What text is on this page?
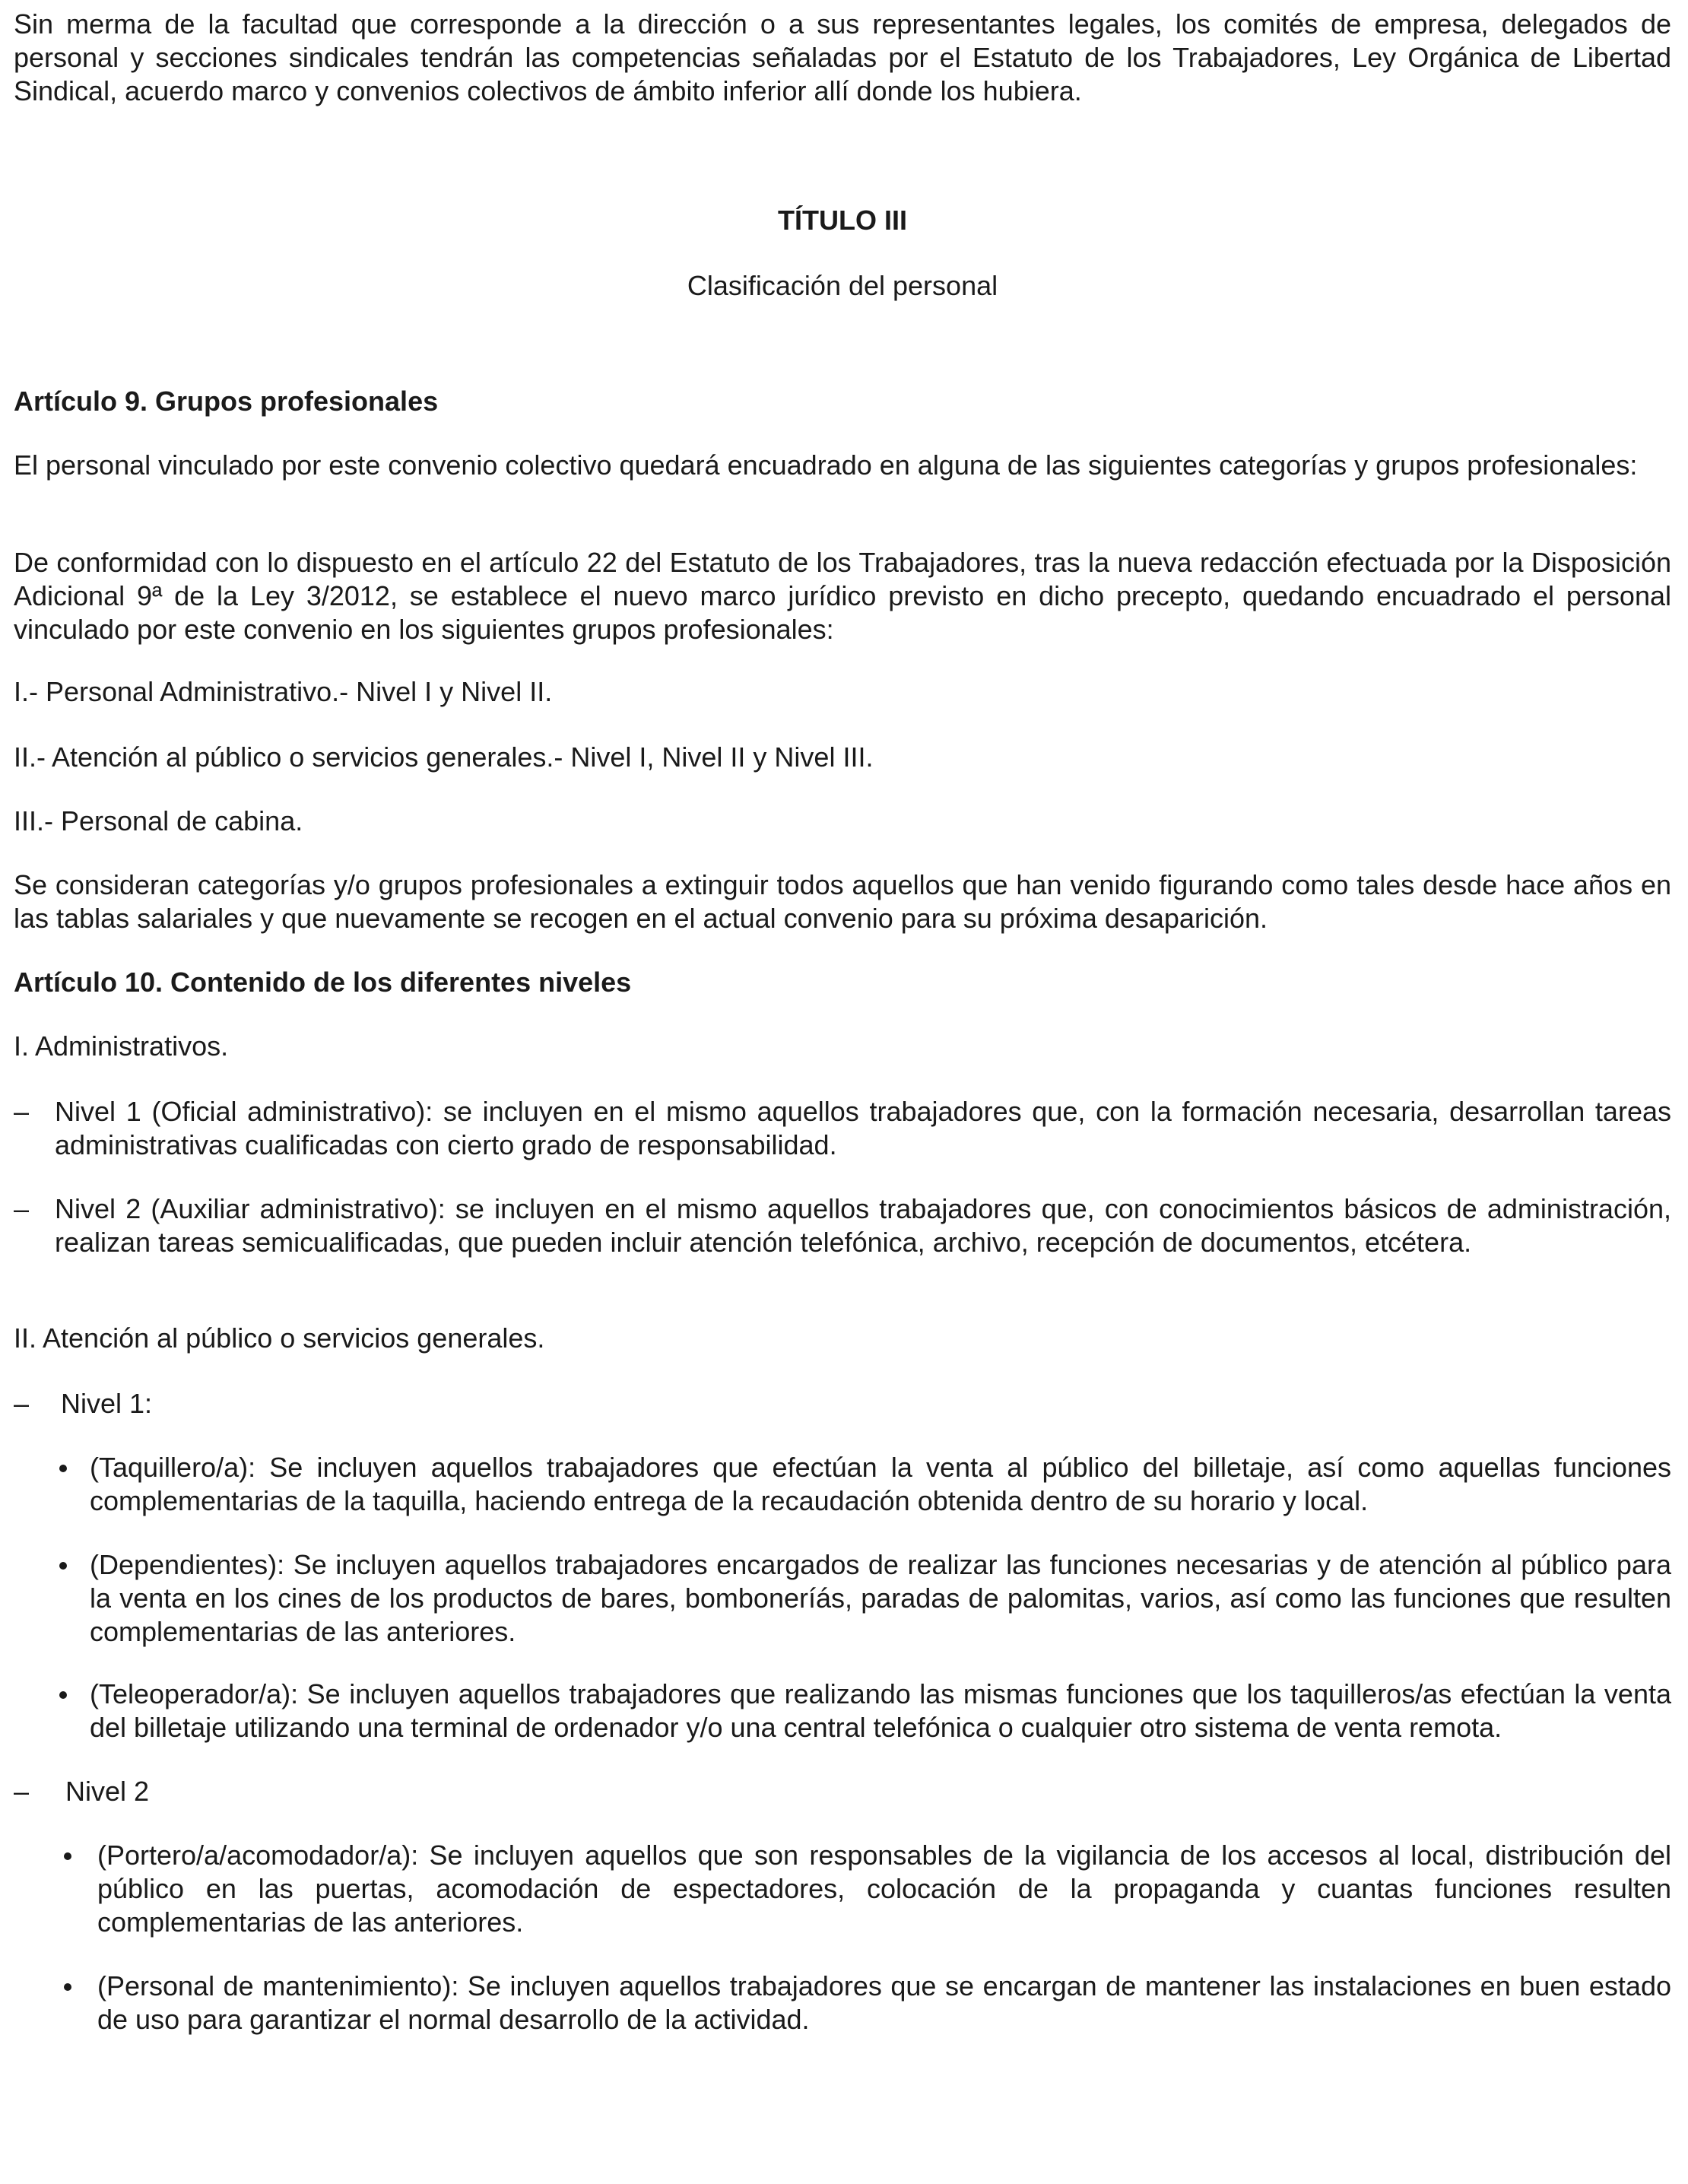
Sin merma de la facultad que corresponde a la dirección o a sus representantes legales, los comités de empresa, delegados de personal y secciones sindicales tendrán las competencias señaladas por el Estatuto de los Trabajadores, Ley Orgánica de Libertad Sindical, acuerdo marco y convenios colectivos de ámbito inferior allí donde los hubiera.

TÍTULO III
Clasificación del personal
Artículo 9. Grupos profesionales

El personal vinculado por este convenio colectivo quedará encuadrado en alguna de las siguientes categorías y grupos profesionales:

De conformidad con lo dispuesto en el artículo 22 del Estatuto de los Trabajadores, tras la nueva redacción efectuada por la Disposición Adicional 9ª de la Ley 3/2012, se establece el nuevo marco jurídico previsto en dicho precepto, quedando encuadrado el personal vinculado por este convenio en los siguientes grupos profesionales:

I.- Personal Administrativo.- Nivel I y Nivel II.

II.- Atención al público o servicios generales.- Nivel I, Nivel II y Nivel III.

III.- Personal de cabina.

Se consideran categorías y/o grupos profesionales a extinguir todos aquellos que han venido figurando como tales desde hace años en las tablas salariales y que nuevamente se recogen en el actual convenio para su próxima desaparición.

Artículo 10. Contenido de los diferentes niveles

I. Administrativos.

– Nivel 1 (Oficial administrativo): se incluyen en el mismo aquellos trabajadores que, con la formación necesaria, desarrollan tareas administrativas cualificadas con cierto grado de responsabilidad.

– Nivel 2 (Auxiliar administrativo): se incluyen en el mismo aquellos trabajadores que, con conocimientos básicos de administración, realizan tareas semicualificadas, que pueden incluir atención telefónica, archivo, recepción de documentos, etcétera.

II. Atención al público o servicios generales.

–	Nivel 1:

(Taquillero/a): Se incluyen aquellos trabajadores que efectúan la venta al público del billetaje, así como aquellas funciones complementarias de la taquilla, haciendo entrega de la recaudación obtenida dentro de su horario y local.

(Dependientes): Se incluyen aquellos trabajadores encargados de realizar las funciones necesarias y de atención al público para la venta en los cines de los productos de bares, bomboneríás, paradas de palomitas, varios, así como las funciones que resulten complementarias de las anteriores.

(Teleoperador/a): Se incluyen aquellos trabajadores que realizando las mismas funciones que los taquilleros/as efectúan la venta del billetaje utilizando una terminal de ordenador y/o una central telefónica o cualquier otro sistema de venta remota.

–	Nivel 2

(Portero/a/acomodador/a): Se incluyen aquellos que son responsables de la vigilancia de los accesos al local, distribución del público en las puertas, acomodación de espectadores, colocación de la propaganda y cuantas funciones resulten complementarias de las anteriores.

(Personal de mantenimiento): Se incluyen aquellos trabajadores que se encargan de mantener las instalaciones en buen estado de uso para garantizar el normal desarrollo de la actividad.
